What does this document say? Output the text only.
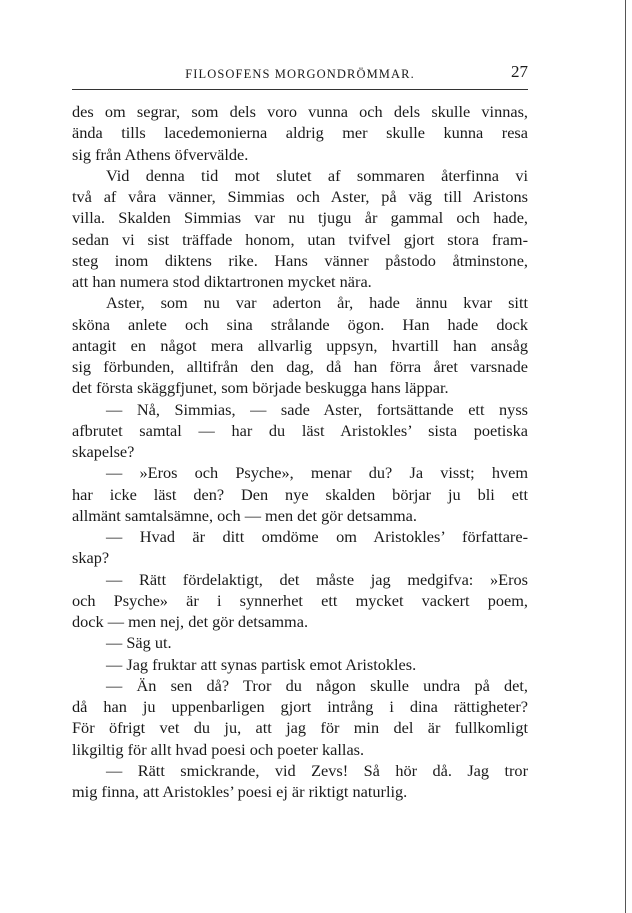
FILOSOFENS MORGONDRÖMMAR.	27
des om segrar, som dels voro vunna och dels skulle vinnas,
ända tills lacedemonierna aldrig mer skulle kunna resa
sig från Athens öfvervälde.
Vid denna tid mot slutet af sommaren återfinna vi
två af våra vänner, Simmias och Aster, på väg till Aristons
villa. Skalden Simmias var nu tjugu år gammal och hade,
sedan vi sist träffade honom, utan tvifvel gjort stora fram-
steg inom diktens rike. Hans vänner påstodo åtminstone,
att han numera stod diktartronen mycket nära.
Aster, som nu var aderton år, hade ännu kvar sitt
sköna anlete och sina strålande ögon. Han hade dock
antagit en något mera allvarlig uppsyn, hvartill han ansåg
sig förbunden, alltifrån den dag, då han förra året varsnade
det första skäggfjunet, som började beskugga hans läppar.
— Nå, Simmias, — sade Aster, fortsättande ett nyss
afbrutet samtal — har du läst Aristokles’ sista poetiska
skapelse?
— »Eros och Psyche», menar du? Ja visst; hvem
har icke läst den? Den nye skalden börjar ju bli ett
allmänt samtalsämne, och — men det gör detsamma.
— Hvad är ditt omdöme om Aristokles’ författare-
skap?
— Rätt fördelaktigt, det måste jag medgifva: »Eros
och Psyche» är i synnerhet ett mycket vackert poem,
dock — men nej, det gör detsamma.
— Säg ut.
— Jag fruktar att synas partisk emot Aristokles.
— Än sen då? Tror du någon skulle undra på det,
då han ju uppenbarligen gjort intrång i dina rättigheter?
För öfrigt vet du ju, att jag för min del är fullkomligt
likgiltig för allt hvad poesi och poeter kallas.
— Rätt smickrande, vid Zevs! Så hör då. Jag tror
mig finna, att Aristokles’ poesi ej är riktigt naturlig.
